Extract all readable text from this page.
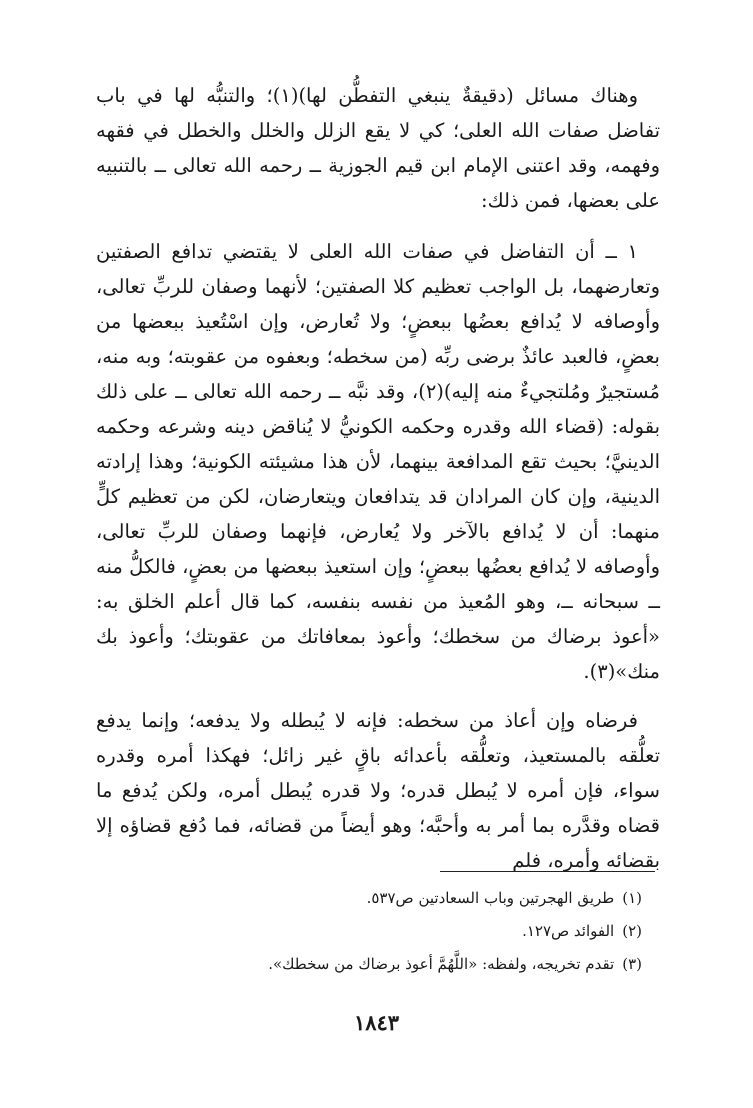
وهناك مسائل (دقيقةٌ ينبغي التفطُّن لها)(١)؛ والتنبُّه لها في باب تفاضل صفات الله العلى؛ كي لا يقع الزلل والخلل والخطل في فقهه وفهمه، وقد اعتنى الإمام ابن قيم الجوزية ــ رحمه الله تعالى ــ بالتنبيه على بعضها، فمن ذلك:

١ ــ أن التفاضل في صفات الله العلى لا يقتضي تدافع الصفتين وتعارضهما، بل الواجب تعظيم كلا الصفتين؛ لأنهما وصفان للربِّ تعالى، وأوصافه لا يُدافع بعضُها ببعضٍ؛ ولا تُعارض، وإن اسْتُعيذ ببعضها من بعضٍ، فالعبد عائذٌ برضى ربِّه (من سخطه؛ وبعفوه من عقوبته؛ وبه منه، مُستجيرٌ ومُلتجيءٌ منه إليه)(٢)، وقد نبَّه ــ رحمه الله تعالى ــ على ذلك بقوله: (قضاء الله وقدره وحكمه الكونيُّ لا يُناقض دينه وشرعه وحكمه الدينيَّ؛ بحيث تقع المدافعة بينهما، لأن هذا مشيئته الكونية؛ وهذا إرادته الدينية، وإن كان المرادان قد يتدافعان ويتعارضان، لكن من تعظيم كلٍّ منهما: أن لا يُدافع بالآخر ولا يُعارض، فإنهما وصفان للربِّ تعالى، وأوصافه لا يُدافع بعضُها ببعضٍ؛ وإن استعيذ ببعضها من بعضٍ، فالكلُّ منه ــ سبحانه ــ، وهو المُعيذ من نفسه بنفسه، كما قال أعلم الخلق به: «أعوذ برضاك من سخطك؛ وأعوذ بمعافاتك من عقوبتك؛ وأعوذ بك منك»(٣).

فرضاه وإن أعاذ من سخطه: فإنه لا يُبطله ولا يدفعه؛ وإنما يدفع تعلُّقه بالمستعيذ، وتعلُّقه بأعدائه باقٍ غير زائل؛ فهكذا أمره وقدره سواء، فإن أمره لا يُبطل قدره؛ ولا قدره يُبطل أمره، ولكن يُدفع ما قضاه وقدَّره بما أمر به وأحبَّه؛ وهو أيضاً من قضائه، فما دُفع قضاؤه إلا بقضائه وأمره، فلم

(١)طريق الهجرتين وباب السعادتين ص٥٣٧.

(٢)الفوائد ص١٢٧.

(٣)تقدم تخريجه، ولفظه: «اللَّهُمَّ أعوذ برضاك من سخطك».

١٨٤٣
